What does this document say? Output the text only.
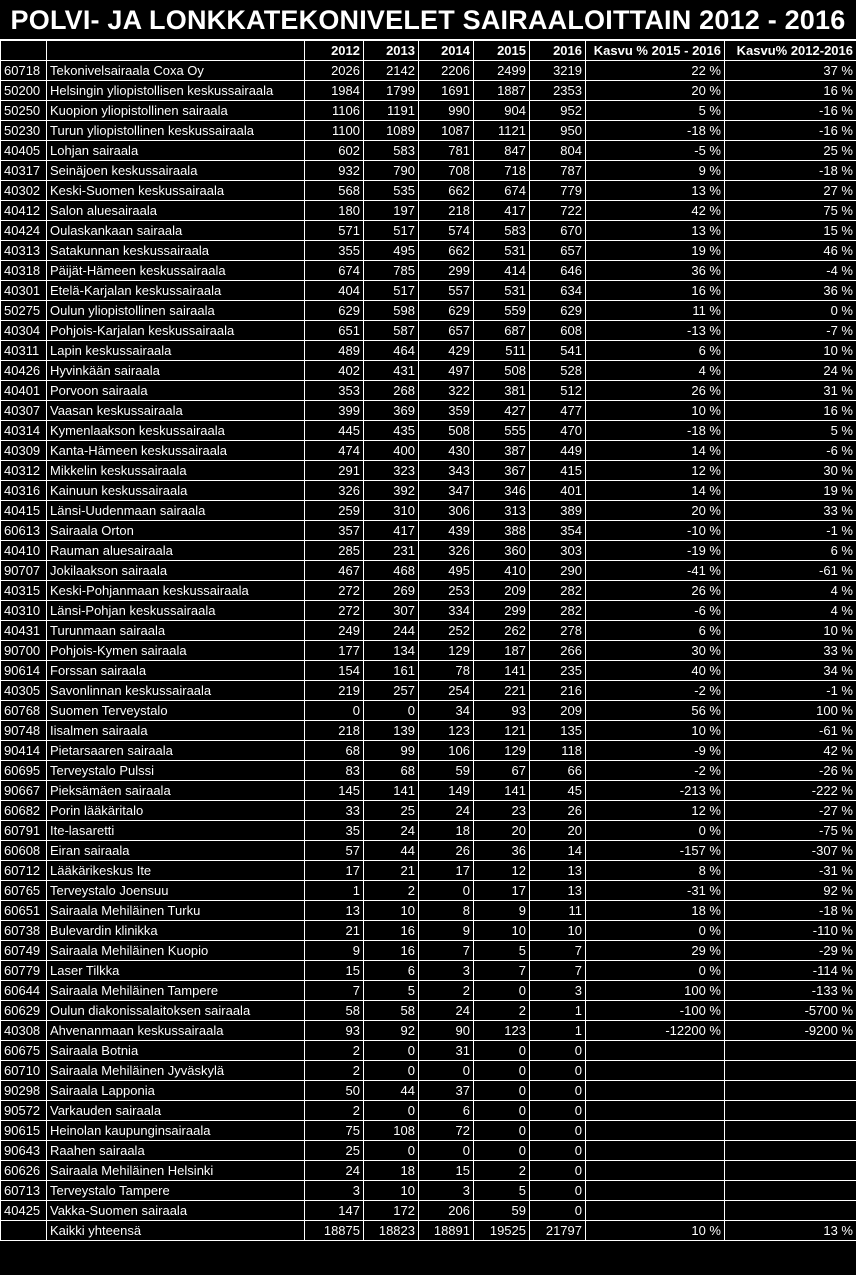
POLVI- JA LONKKATEKONIVELET SAIRAALOITTAIN 2012 - 2016
		2012	2013	2014	2015	2016	Kasvu % 2015 - 2016	Kasvu% 2012-2016
60718	Tekonivelsairaala Coxa Oy	2026	2142	2206	2499	3219	22 %	37 %
50200	Helsingin yliopistollisen keskussairaala	1984	1799	1691	1887	2353	20 %	16 %
50250	Kuopion yliopistollinen sairaala	1106	1191	990	904	952	5 %	-16 %
50230	Turun yliopistollinen keskussairaala	1100	1089	1087	1121	950	-18 %	-16 %
40405	Lohjan sairaala	602	583	781	847	804	-5 %	25 %
40317	Seinäjoen keskussairaala	932	790	708	718	787	9 %	-18 %
40302	Keski-Suomen keskussairaala	568	535	662	674	779	13 %	27 %
40412	Salon aluesairaala	180	197	218	417	722	42 %	75 %
40424	Oulaskankaan sairaala	571	517	574	583	670	13 %	15 %
40313	Satakunnan keskussairaala	355	495	662	531	657	19 %	46 %
40318	Päijät-Hämeen keskussairaala	674	785	299	414	646	36 %	-4 %
40301	Etelä-Karjalan keskussairaala	404	517	557	531	634	16 %	36 %
50275	Oulun yliopistollinen sairaala	629	598	629	559	629	11 %	0 %
40304	Pohjois-Karjalan keskussairaala	651	587	657	687	608	-13 %	-7 %
40311	Lapin keskussairaala	489	464	429	511	541	6 %	10 %
40426	Hyvinkään sairaala	402	431	497	508	528	4 %	24 %
40401	Porvoon sairaala	353	268	322	381	512	26 %	31 %
40307	Vaasan keskussairaala	399	369	359	427	477	10 %	16 %
40314	Kymenlaakson keskussairaala	445	435	508	555	470	-18 %	5 %
40309	Kanta-Hämeen keskussairaala	474	400	430	387	449	14 %	-6 %
40312	Mikkelin keskussairaala	291	323	343	367	415	12 %	30 %
40316	Kainuun keskussairaala	326	392	347	346	401	14 %	19 %
40415	Länsi-Uudenmaan sairaala	259	310	306	313	389	20 %	33 %
60613	Sairaala Orton	357	417	439	388	354	-10 %	-1 %
40410	Rauman aluesairaala	285	231	326	360	303	-19 %	6 %
90707	Jokilaakson sairaala	467	468	495	410	290	-41 %	-61 %
40315	Keski-Pohjanmaan keskussairaala	272	269	253	209	282	26 %	4 %
40310	Länsi-Pohjan keskussairaala	272	307	334	299	282	-6 %	4 %
40431	Turunmaan sairaala	249	244	252	262	278	6 %	10 %
90700	Pohjois-Kymen sairaala	177	134	129	187	266	30 %	33 %
90614	Forssan sairaala	154	161	78	141	235	40 %	34 %
40305	Savonlinnan keskussairaala	219	257	254	221	216	-2 %	-1 %
60768	Suomen Terveystalo	0	0	34	93	209	56 %	100 %
90748	Iisalmen sairaala	218	139	123	121	135	10 %	-61 %
90414	Pietarsaaren sairaala	68	99	106	129	118	-9 %	42 %
60695	Terveystalo Pulssi	83	68	59	67	66	-2 %	-26 %
90667	Pieksämäen sairaala	145	141	149	141	45	-213 %	-222 %
60682	Porin lääkäritalo	33	25	24	23	26	12 %	-27 %
60791	Ite-lasaretti	35	24	18	20	20	0 %	-75 %
60608	Eiran sairaala	57	44	26	36	14	-157 %	-307 %
60712	Lääkärikeskus Ite	17	21	17	12	13	8 %	-31 %
60765	Terveystalo Joensuu	1	2	0	17	13	-31 %	92 %
60651	Sairaala Mehiläinen Turku	13	10	8	9	11	18 %	-18 %
60738	Bulevardin klinikka	21	16	9	10	10	0 %	-110 %
60749	Sairaala Mehiläinen Kuopio	9	16	7	5	7	29 %	-29 %
60779	Laser Tilkka	15	6	3	7	7	0 %	-114 %
60644	Sairaala Mehiläinen Tampere	7	5	2	0	3	100 %	-133 %
60629	Oulun diakonissalaitoksen sairaala	58	58	24	2	1	-100 %	-5700 %
40308	Ahvenanmaan keskussairaala	93	92	90	123	1	-12200 %	-9200 %
60675	Sairaala Botnia	2	0	31	0	0		
60710	Sairaala Mehiläinen Jyväskylä	2	0	0	0	0		
90298	Sairaala Lapponia	50	44	37	0	0		
90572	Varkauden sairaala	2	0	6	0	0		
90615	Heinolan kaupunginsairaala	75	108	72	0	0		
90643	Raahen sairaala	25	0	0	0	0		
60626	Sairaala Mehiläinen Helsinki	24	18	15	2	0		
60713	Terveystalo Tampere	3	10	3	5	0		
40425	Vakka-Suomen sairaala	147	172	206	59	0		
	Kaikki yhteensä	18875	18823	18891	19525	21797	10 %	13 %
